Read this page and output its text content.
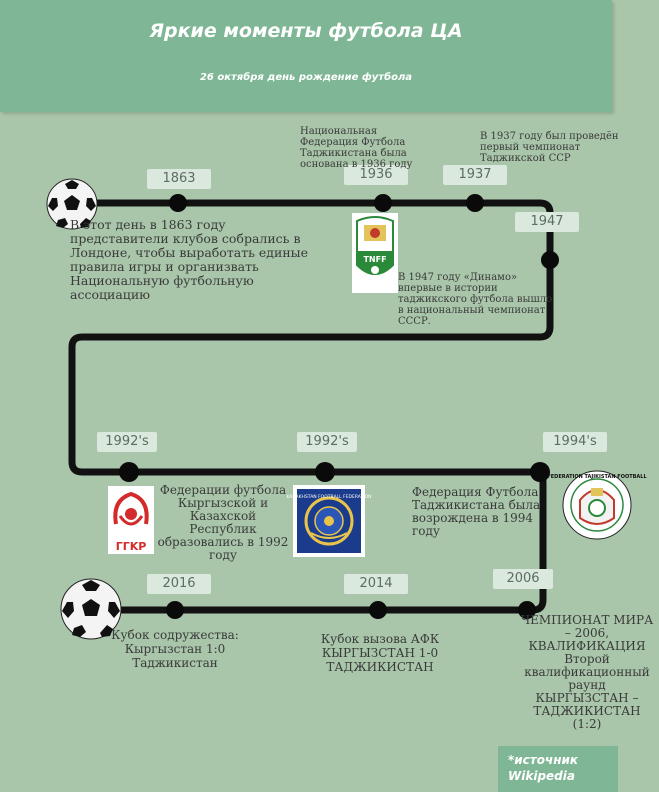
Яркие моменты футбола ЦА
26 октября день рождение футбола
1863	1936	1937
1947
1992's	1992's	1994's
2006
2014
2016
В этот день в 1863 году представители клубов собрались в Лондоне, чтобы выработать единые правила игры и организвать Национальную футбольную ассоциацию
Национальная Федерация Футбола Таджикистана была основана в 1936 году
В 1937 году был проведён первый чемпионат Таджикской ССР
В 1947 году «Динамо» впервые в истории таджикского футбола вышло в национальный чемпионат СССР.
Федерации футбола Кыргызской и Казахской Республик образовались в 1992 году
Федерация Футбола Таджикистана была возрождена в 1994 году
ЧЕМПИОНАТ МИРА – 2006, КВАЛИФИКАЦИЯ Второй квалификационный раунд КЫРГЫЗСТАН – ТАДЖИКИСТАН (1:2)
Кубок вызова АФК КЫРГЫЗСТАН 1-0 ТАДЖИКИСТАН
Кубок содружества: Кыргызстан 1:0 Таджикистан
TNFF
ΓΓΚΡ
KAZAKHSTAN FOOTBALL FEDERATION
FEDERATION TAJIKISTAN FOOTBALL
*источник Wikipedia
